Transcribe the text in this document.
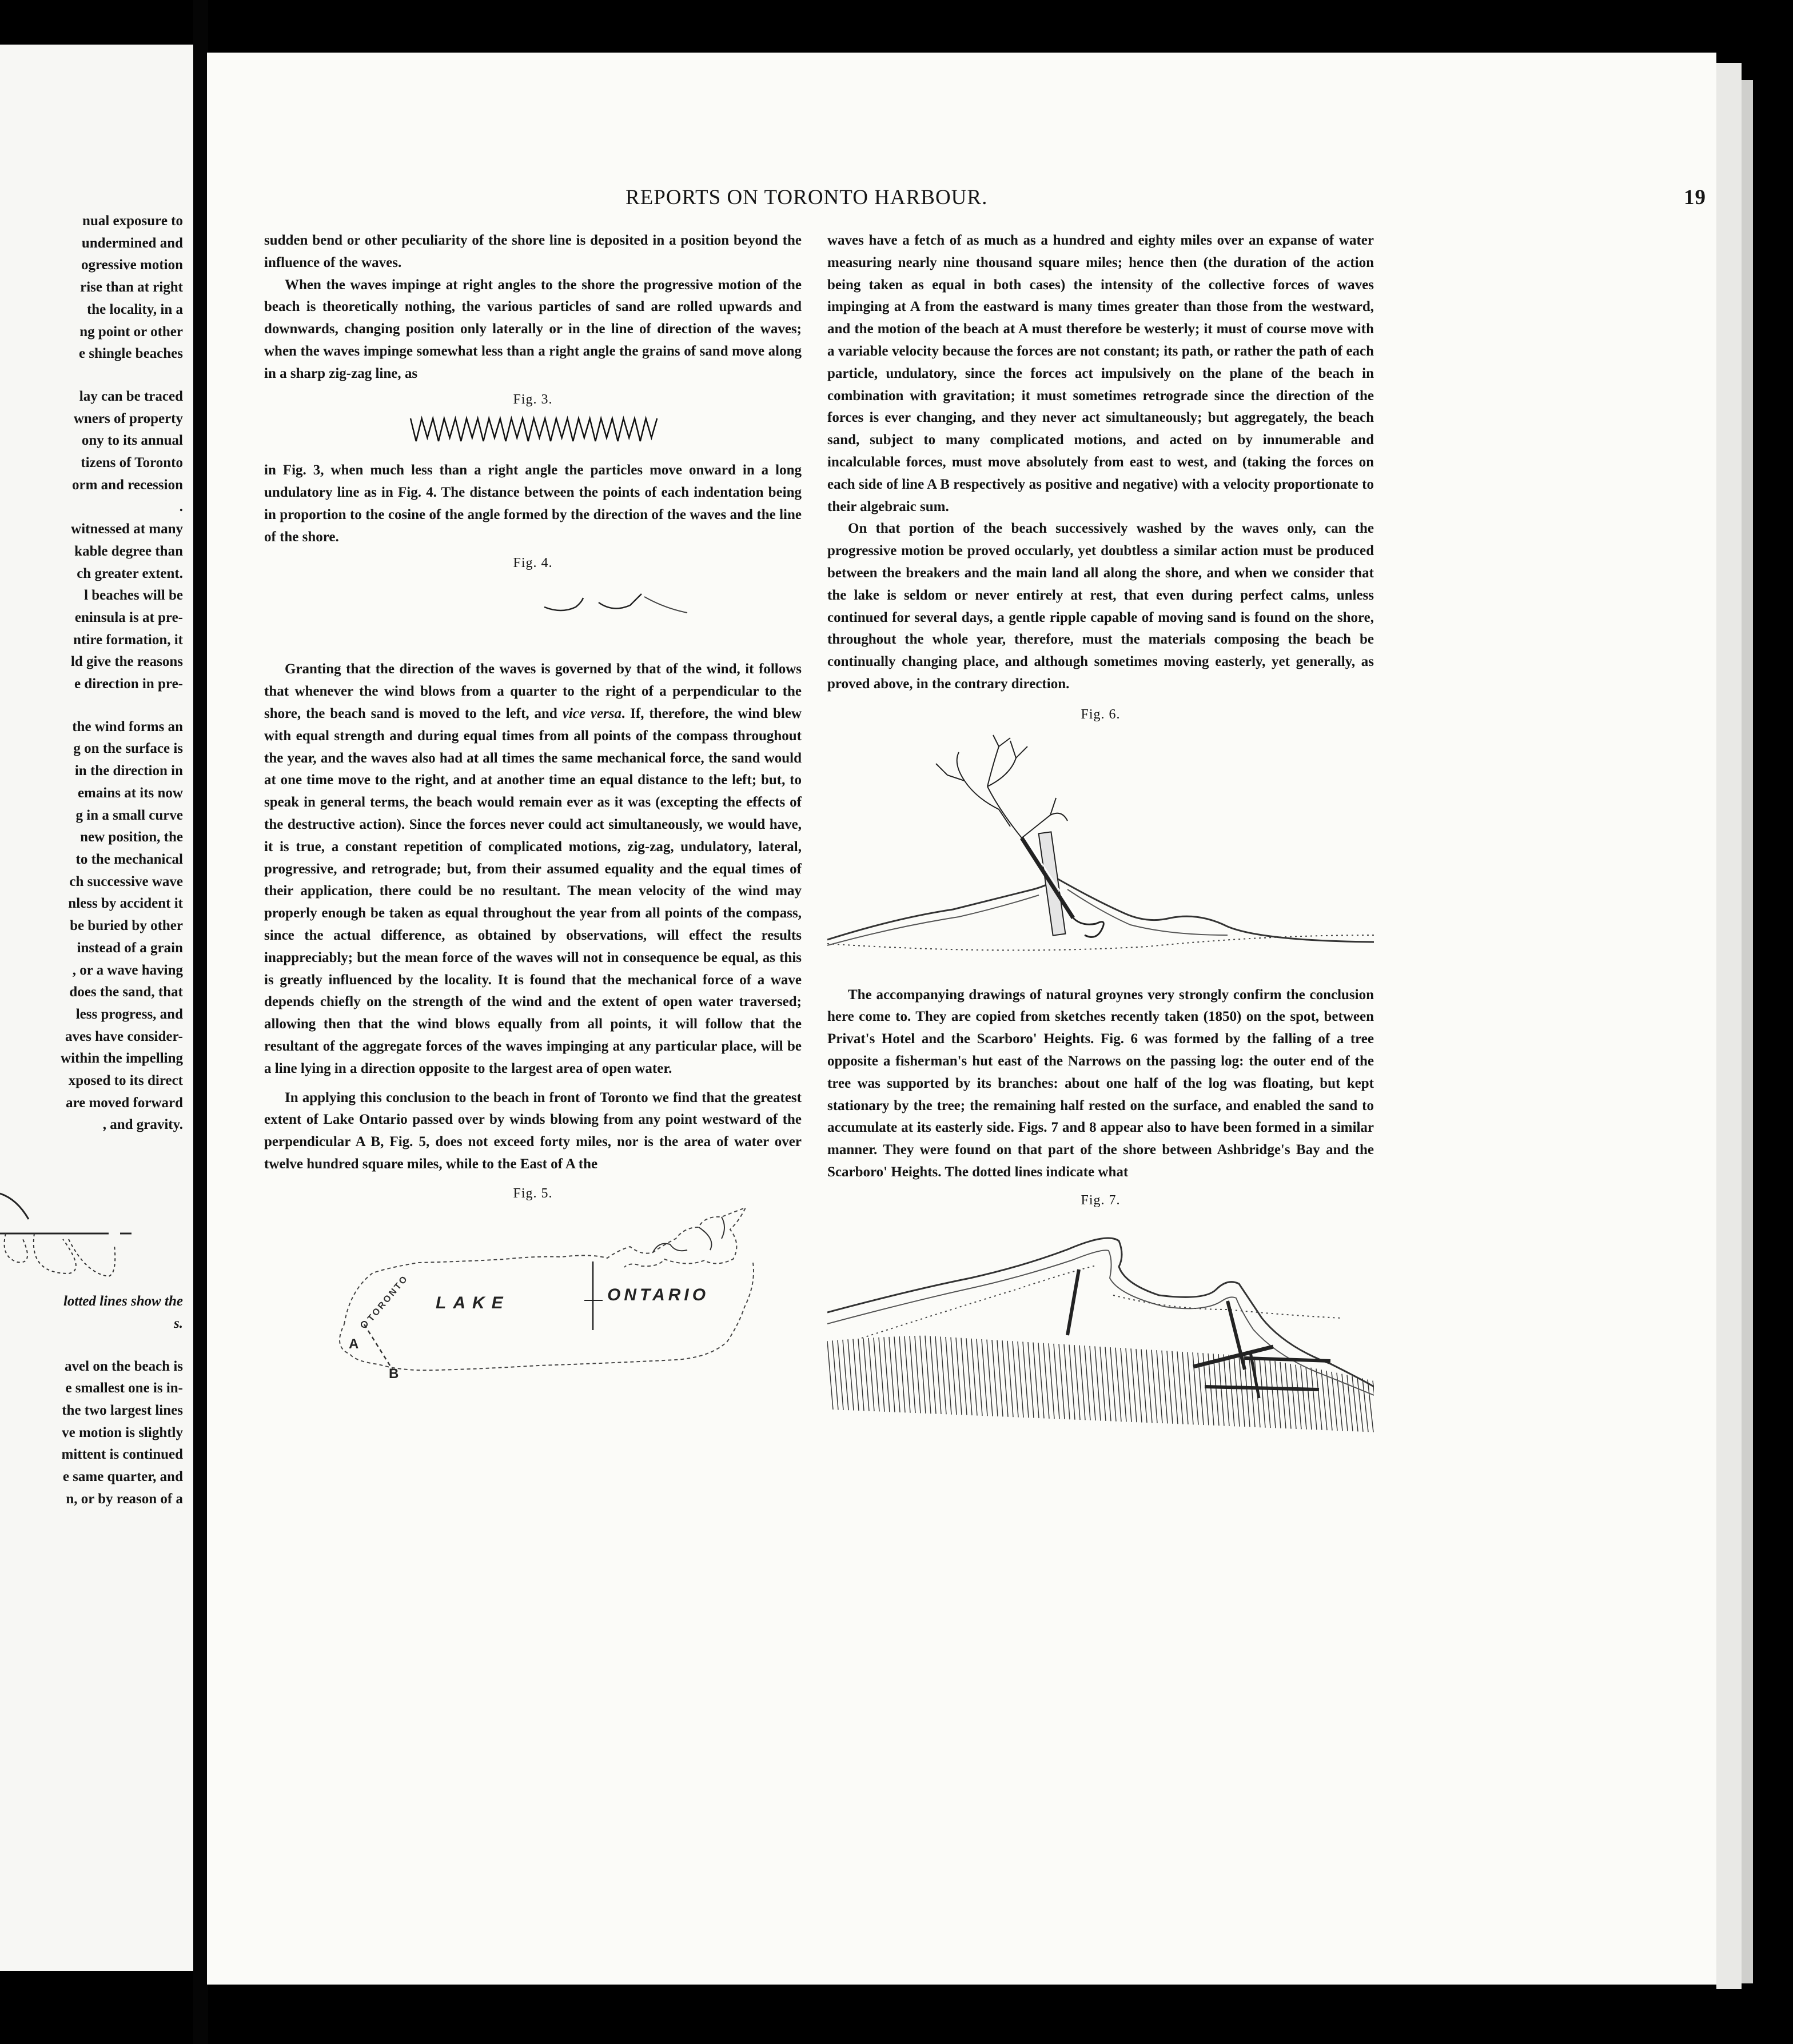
nual exposure to

undermined and

ogressive motion

rise than at right

the locality, in a

ng point or other

e shingle beaches

lay can be traced

wners of property

ony to its annual

tizens of Toronto

orm and recession

.

witnessed at many

kable degree than

ch greater extent.

l beaches will be

eninsula is at pre-

ntire formation, it

ld give the reasons

e direction in pre-

the wind forms an

g on the surface is

in the direction in

emains at its now

g in a small curve

new position, the

to the mechanical

ch successive wave

nless by accident it

be buried by other

instead of a grain

, or a wave having

does the sand, that

less progress, and

aves have consider-

within the impelling

xposed to its direct

are moved forward

, and gravity.

lotted lines show the

s.

avel on the beach is

e smallest one is in-

the two largest lines

ve motion is slightly

mittent is continued

e same quarter, and

n, or by reason of a

REPORTS ON TORONTO HARBOUR.	19

sudden bend or other peculiarity of the shore line is deposited in a position beyond the influence of the waves.

When the waves impinge at right angles to the shore the progressive motion of the beach is theoretically nothing, the various particles of sand are rolled upwards and downwards, changing position only laterally or in the line of direction of the waves; when the waves impinge somewhat less than a right angle the grains of sand move along in a sharp zig-zag line, as

Fig. 3.

in Fig. 3, when much less than a right angle the particles move onward in a long undulatory line as in Fig. 4. The distance between the points of each indentation being in proportion to the cosine of the angle formed by the direction of the waves and the line of the shore.

Fig. 4.

Granting that the direction of the waves is governed by that of the wind, it follows that whenever the wind blows from a quarter to the right of a perpendicular to the shore, the beach sand is moved to the left, and vice versa. If, therefore, the wind blew with equal strength and during equal times from all points of the compass throughout the year, and the waves also had at all times the same mechanical force, the sand would at one time move to the right, and at another time an equal distance to the left; but, to speak in general terms, the beach would remain ever as it was (excepting the effects of the destructive action). Since the forces never could act simultaneously, we would have, it is true, a constant repetition of complicated motions, zig-zag, undulatory, lateral, progressive, and retrograde; but, from their assumed equality and the equal times of their application, there could be no resultant. The mean velocity of the wind may properly enough be taken as equal throughout the year from all points of the compass, since the actual difference, as obtained by observations, will effect the results inappreciably; but the mean force of the waves will not in consequence be equal, as this is greatly influenced by the locality. It is found that the mechanical force of a wave depends chiefly on the strength of the wind and the extent of open water traversed; allowing then that the wind blows equally from all points, it will follow that the resultant of the aggregate forces of the waves impinging at any particular place, will be a line lying in a direction opposite to the largest area of open water.

In applying this conclusion to the beach in front of Toronto we find that the greatest extent of Lake Ontario passed over by winds blowing from any point westward of the perpendicular A B, Fig. 5, does not exceed forty miles, nor is the area of water over twelve hundred square miles, while to the East of A the

Fig. 5.
LAKE	ONTARIO
TORONTO
A
B

waves have a fetch of as much as a hundred and eighty miles over an expanse of water measuring nearly nine thousand square miles; hence then (the duration of the action being taken as equal in both cases) the intensity of the collective forces of waves impinging at A from the eastward is many times greater than those from the westward, and the motion of the beach at A must therefore be westerly; it must of course move with a variable velocity because the forces are not constant; its path, or rather the path of each particle, undulatory, since the forces act impulsively on the plane of the beach in combination with gravitation; it must sometimes retrograde since the direction of the forces is ever changing, and they never act simultaneously; but aggregately, the beach sand, subject to many complicated motions, and acted on by innumerable and incalculable forces, must move absolutely from east to west, and (taking the forces on each side of line A B respectively as positive and negative) with a velocity proportionate to their algebraic sum.

On that portion of the beach successively washed by the waves only, can the progressive motion be proved occularly, yet doubtless a similar action must be produced between the breakers and the main land all along the shore, and when we consider that the lake is seldom or never entirely at rest, that even during perfect calms, unless continued for several days, a gentle ripple capable of moving sand is found on the shore, throughout the whole year, therefore, must the materials composing the beach be continually changing place, and although sometimes moving easterly, yet generally, as proved above, in the contrary direction.

Fig. 6.

The accompanying drawings of natural groynes very strongly confirm the conclusion here come to. They are copied from sketches recently taken (1850) on the spot, between Privat's Hotel and the Scarboro' Heights. Fig. 6 was formed by the falling of a tree opposite a fisherman's hut east of the Narrows on the passing log: the outer end of the tree was supported by its branches: about one half of the log was floating, but kept stationary by the tree; the remaining half rested on the surface, and enabled the sand to accumulate at its easterly side. Figs. 7 and 8 appear also to have been formed in a similar manner. They were found on that part of the shore between Ashbridge's Bay and the Scarboro' Heights. The dotted lines indicate what

Fig. 7.
